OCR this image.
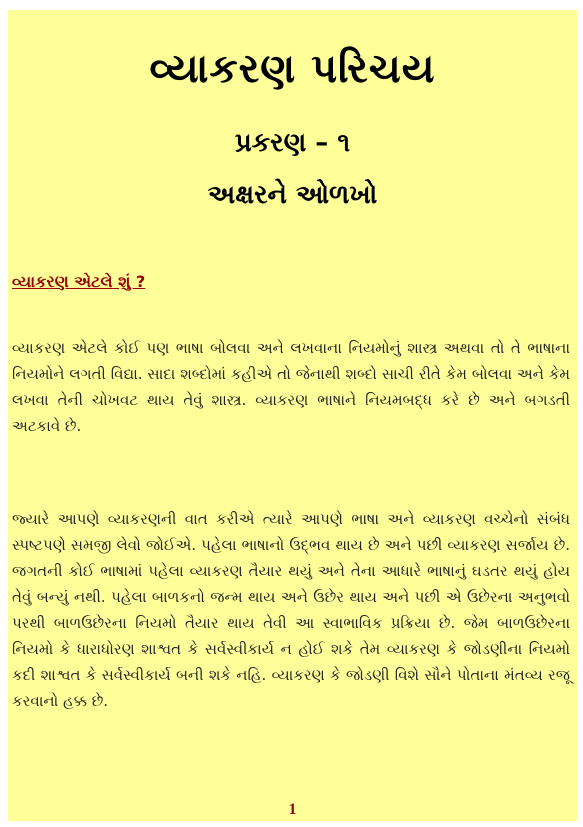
વ્યાકરણ પરિચય
પ્રકરણ – ૧
અક્ષરને ઓળખો
વ્યાકરણ એટલે શું ?

વ્યાકરણ એટલે કોઈ પણ ભાષા બોલવા અને લખવાના નિયમોનું શાસ્ત્ર અથવા તો તે ભાષાના નિયમોને લગતી વિદ્યા. સાદા શબ્દોમાં કહીએ તો જેનાથી શબ્દો સાચી રીતે કેમ બોલવા અને કેમ લખવા તેની ચોખવટ થાય તેવું શાસ્ત્ર. વ્યાકરણ ભાષાને નિયમબદ્ધ કરે છે અને બગડતી અટકાવે છે.

જ્યારે આપણે વ્યાકરણની વાત કરીએ ત્યારે આપણે ભાષા અને વ્યાકરણ વચ્ચેનો સંબંધ સ્પષ્ટપણે સમજી લેવો જોઈએ. પહેલા ભાષાનો ઉદ્ભવ થાય છે અને પછી વ્યાકરણ સર્જાય છે. જગતની કોઈ ભાષામાં પહેલા વ્યાકરણ તૈયાર થયું અને તેના આધારે ભાષાનું ઘડતર થયું હોય તેવું બન્યું નથી. પહેલા બાળકનો જન્મ થાય અને ઉછેર થાય અને પછી એ ઉછેરના અનુભવો પરથી બાળઉછેરના નિયમો તૈયાર થાય તેવી આ સ્વાભાવિક પ્રક્રિયા છે. જેમ બાળઉછેરના નિયમો કે ધારાધોરણ શાશ્વત કે સર્વસ્વીકાર્ય ન હોઈ શકે તેમ વ્યાકરણ કે જોડણીના નિયમો કદી શાશ્વત કે સર્વસ્વીકાર્ય બની શકે નહિ. વ્યાકરણ કે જોડણી વિશે સૌને પોતાના મંતવ્ય રજૂ કરવાનો હક્ક છે.

1
